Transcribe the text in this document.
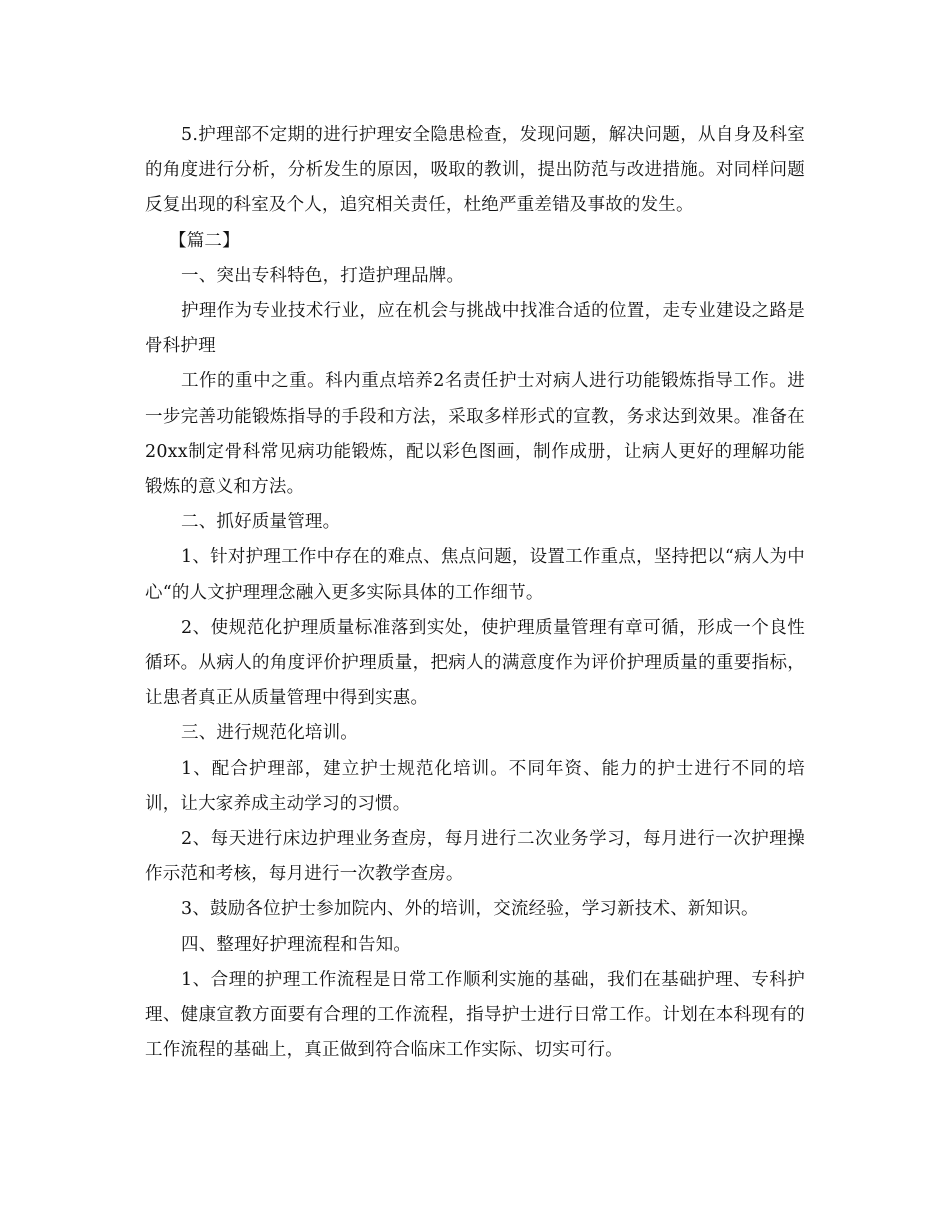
5.护理部不定期的进行护理安全隐患检查，发现问题，解决问题，从自身及科室的角度进行分析，分析发生的原因，吸取的教训，提出防范与改进措施。对同样问题反复出现的科室及个人，追究相关责任，杜绝严重差错及事故的发生。

【篇二】

一、突出专科特色，打造护理品牌。

护理作为专业技术行业，应在机会与挑战中找准合适的位置，走专业建设之路是骨科护理

工作的重中之重。科内重点培养2名责任护士对病人进行功能锻炼指导工作。进一步完善功能锻炼指导的手段和方法，采取多样形式的宣教，务求达到效果。准备在20xx制定骨科常见病功能锻炼，配以彩色图画，制作成册，让病人更好的理解功能锻炼的意义和方法。

二、抓好质量管理。

1、针对护理工作中存在的难点、焦点问题，设置工作重点，坚持把以“病人为中心“的人文护理理念融入更多实际具体的工作细节。

2、使规范化护理质量标准落到实处，使护理质量管理有章可循，形成一个良性循环。从病人的角度评价护理质量，把病人的满意度作为评价护理质量的重要指标，让患者真正从质量管理中得到实惠。

三、进行规范化培训。

1、配合护理部，建立护士规范化培训。不同年资、能力的护士进行不同的培训，让大家养成主动学习的习惯。

2、每天进行床边护理业务查房，每月进行二次业务学习，每月进行一次护理操作示范和考核，每月进行一次教学查房。

3、鼓励各位护士参加院内、外的培训，交流经验，学习新技术、新知识。

四、整理好护理流程和告知。

1、合理的护理工作流程是日常工作顺利实施的基础，我们在基础护理、专科护理、健康宣教方面要有合理的工作流程，指导护士进行日常工作。计划在本科现有的工作流程的基础上，真正做到符合临床工作实际、切实可行。
